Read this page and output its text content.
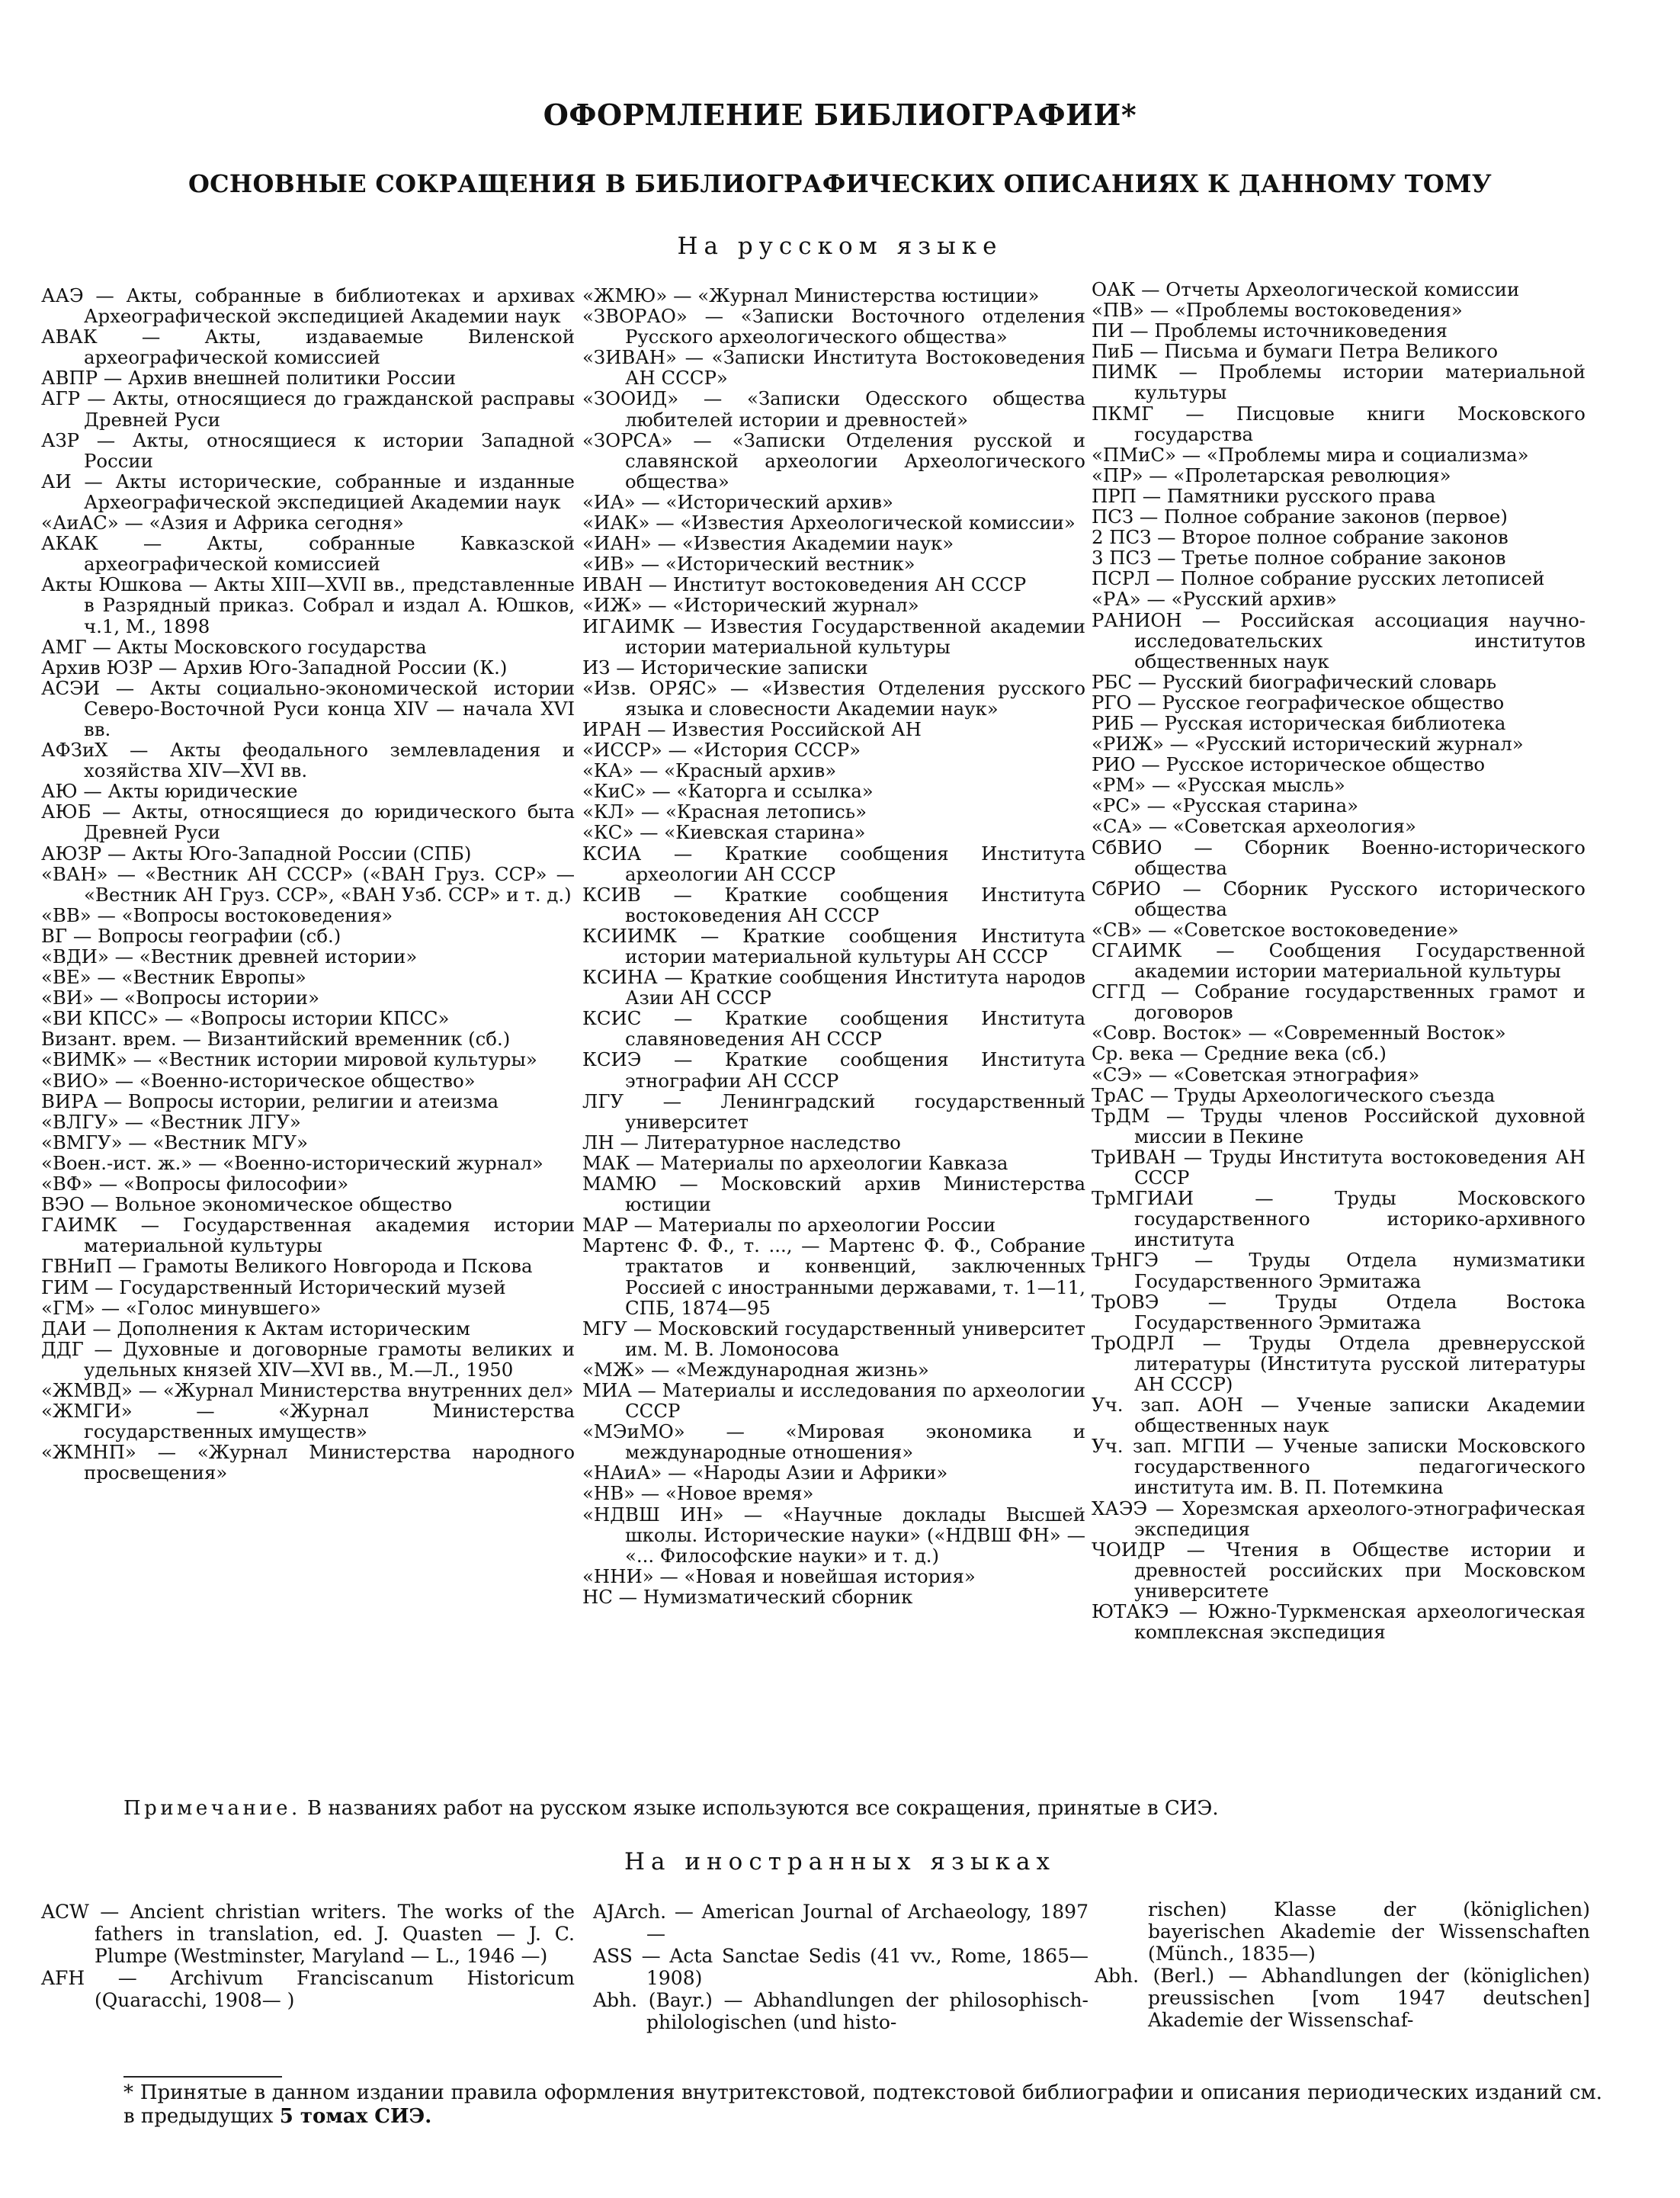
ОФОРМЛЕНИЕ БИБЛИОГРАФИИ*
ОСНОВНЫЕ СОКРАЩЕНИЯ В БИБЛИОГРАФИЧЕСКИХ ОПИСАНИЯХ К ДАННОМУ ТОМУ
На русском языке

ААЭ — Акты, собранные в библиотеках и архивах Археографической экспедицией Академии наук

АВАК — Акты, издаваемые Виленской археографической комиссией

АВПР — Архив внешней политики России

АГР — Акты, относящиеся до гражданской расправы Древней Руси

АЗР — Акты, относящиеся к истории Западной России

АИ — Акты исторические, собранные и изданные Археографической экспедицией Академии наук

«АиАС» — «Азия и Африка сегодня»

АКАК — Акты, собранные Кавказской археографической комиссией

Акты Юшкова — Акты XIII—XVII вв., представленные в Разрядный приказ. Собрал и издал А. Юшков, ч.1, М., 1898

АМГ — Акты Московского государства

Архив ЮЗР — Архив Юго-Западной России (К.)

АСЭИ — Акты социально-экономической истории Северо-Восточной Руси конца XIV — начала XVI вв.

АФЗиХ — Акты феодального землевладения и хозяйства XIV—XVI вв.

АЮ — Акты юридические

АЮБ — Акты, относящиеся до юридического быта Древней Руси

АЮЗР — Акты Юго-Западной России (СПБ)

«ВАН» — «Вестник АН СССР» («ВАН Груз. ССР» — «Вестник АН Груз. ССР», «ВАН Узб. ССР» и т. д.)

«ВВ» — «Вопросы востоковедения»

ВГ — Вопросы географии (сб.)

«ВДИ» — «Вестник древней истории»

«ВЕ» — «Вестник Европы»

«ВИ» — «Вопросы истории»

«ВИ КПСС» — «Вопросы истории КПСС»

Визант. врем. — Византийский временник (сб.)

«ВИМК» — «Вестник истории мировой культуры»

«ВИО» — «Военно-историческое общество»

ВИРА — Вопросы истории, религии и атеизма

«ВЛГУ» — «Вестник ЛГУ»

«ВМГУ» — «Вестник МГУ»

«Воен.-ист. ж.» — «Военно-исторический журнал»

«ВФ» — «Вопросы философии»

ВЭО — Вольное экономическое общество

ГАИМК — Государственная академия истории материальной культуры

ГВНиП — Грамоты Великого Новгорода и Пскова

ГИМ — Государственный Исторический музей

«ГМ» — «Голос минувшего»

ДАИ — Дополнения к Актам историческим

ДДГ — Духовные и договорные грамоты великих и удельных князей XIV—XVI вв., М.—Л., 1950

«ЖМВД» — «Журнал Министерства внутренних дел»

«ЖМГИ» — «Журнал Министерства государственных имуществ»

«ЖМНП» — «Журнал Министерства народного просвещения»

«ЖМЮ» — «Журнал Министерства юстиции»

«ЗВОРАО» — «Записки Восточного отделения Русского археологического общества»

«ЗИВАН» — «Записки Института Востоковедения АН СССР»

«ЗООИД» — «Записки Одесского общества любителей истории и древностей»

«ЗОРСА» — «Записки Отделения русской и славянской археологии Археологического общества»

«ИА» — «Исторический архив»

«ИАК» — «Известия Археологической комиссии»

«ИАН» — «Известия Академии наук»

«ИВ» — «Исторический вестник»

ИВАН — Институт востоковедения АН СССР

«ИЖ» — «Исторический журнал»

ИГАИМК — Известия Государственной академии истории материальной культуры

ИЗ — Исторические записки

«Изв. ОРЯС» — «Известия Отделения русского языка и словесности Академии наук»

ИРАН — Известия Российской АН

«ИССР» — «История СССР»

«КА» — «Красный архив»

«КиС» — «Каторга и ссылка»

«КЛ» — «Красная летопись»

«КС» — «Киевская старина»

КСИА — Краткие сообщения Института археологии АН СССР

КСИВ — Краткие сообщения Института востоковедения АН СССР

КСИИМК — Краткие сообщения Института истории материальной культуры АН СССР

КСИНА — Краткие сообщения Института народов Азии АН СССР

КСИС — Краткие сообщения Института славяноведения АН СССР

КСИЭ — Краткие сообщения Института этнографии АН СССР

ЛГУ — Ленинградский государственный университет

ЛН — Литературное наследство

МАК — Материалы по археологии Кавказа

МАМЮ — Московский архив Министерства юстиции

МАР — Материалы по археологии России

Мартенс Ф. Ф., т. ..., — Мартенс Ф. Ф., Собрание трактатов и конвенций, заключенных Россией с иностранными державами, т. 1—11, СПБ, 1874—95

МГУ — Московский государственный университет им. М. В. Ломоносова

«МЖ» — «Международная жизнь»

МИА — Материалы и исследования по археологии СССР

«МЭиМО» — «Мировая экономика и международные отношения»

«НАиА» — «Народы Азии и Африки»

«НВ» — «Новое время»

«НДВШ ИН» — «Научные доклады Высшей школы. Исторические науки» («НДВШ ФН» — «... Философские науки» и т. д.)

«ННИ» — «Новая и новейшая история»

НС — Нумизматический сборник

ОАК — Отчеты Археологической комиссии

«ПВ» — «Проблемы востоковедения»

ПИ — Проблемы источниковедения

ПиБ — Письма и бумаги Петра Великого

ПИМК — Проблемы истории материальной культуры

ПКМГ — Писцовые книги Московского государства

«ПМиС» — «Проблемы мира и социализма»

«ПР» — «Пролетарская революция»

ПРП — Памятники русского права

ПСЗ — Полное собрание законов (первое)

2 ПСЗ — Второе полное собрание законов

3 ПСЗ — Третье полное собрание законов

ПСРЛ — Полное собрание русских летописей

«РА» — «Русский архив»

РАНИОН — Российская ассоциация научно-исследовательских институтов общественных наук

РБС — Русский биографический словарь

РГО — Русское географическое общество

РИБ — Русская историческая библиотека

«РИЖ» — «Русский исторический журнал»

РИО — Русское историческое общество

«РМ» — «Русская мысль»

«РС» — «Русская старина»

«СА» — «Советская археология»

СбВИО — Сборник Военно-исторического общества

СбРИО — Сборник Русского исторического общества

«СВ» — «Советское востоковедение»

СГАИМК — Сообщения Государственной академии истории материальной культуры

СГГД — Собрание государственных грамот и договоров

«Совр. Восток» — «Современный Восток»

Ср. века — Средние века (сб.)

«СЭ» — «Советская этнография»

ТрАС — Труды Археологического съезда

ТрДМ — Труды членов Российской духовной миссии в Пекине

ТрИВАН — Труды Института востоковедения АН СССР

ТрМГИАИ — Труды Московского государственного историко-архивного института

ТрНГЭ — Труды Отдела нумизматики Государственного Эрмитажа

ТрОВЭ — Труды Отдела Востока Государственного Эрмитажа

ТрОДРЛ — Труды Отдела древнерусской литературы (Института русской литературы АН СССР)

Уч. зап. АОН — Ученые записки Академии общественных наук

Уч. зап. МГПИ — Ученые записки Московского государственного педагогического института им. В. П. Потемкина

ХАЭЭ — Хорезмская археолого-этнографическая экспедиция

ЧОИДР — Чтения в Обществе истории и древностей российских при Московском университете

ЮТАКЭ — Южно-Туркменская археологическая комплексная экспедиция

Примечание. В названиях работ на русском языке используются все сокращения, принятые в СИЭ.
На иностранных языках

ACW — Ancient christian writers. The works of the fathers in translation, ed. J. Quasten — J. C. Plumpe (Westminster, Maryland — L., 1946 —)

AFH — Archivum Franciscanum Historicum (Quaracchi, 1908— )

AJArch. — American Journal of Archaeology, 1897 —

ASS — Acta Sanctae Sedis (41 vv., Rome, 1865—1908)

Abh. (Bayr.) — Abhandlungen der philosophisch-philologischen (und histo-

rischen) Klasse der (königlichen) bayerischen Akademie der Wissenschaften (Münch., 1835—)

Abh. (Berl.) — Abhandlungen der (königlichen) preussischen [vom 1947 deutschen] Akademie der Wissenschaf-

* Принятые в данном издании правила оформления внутритекстовой, подтекстовой библиографии и описания периодических изданий см. в предыдущих 5 томах СИЭ.
